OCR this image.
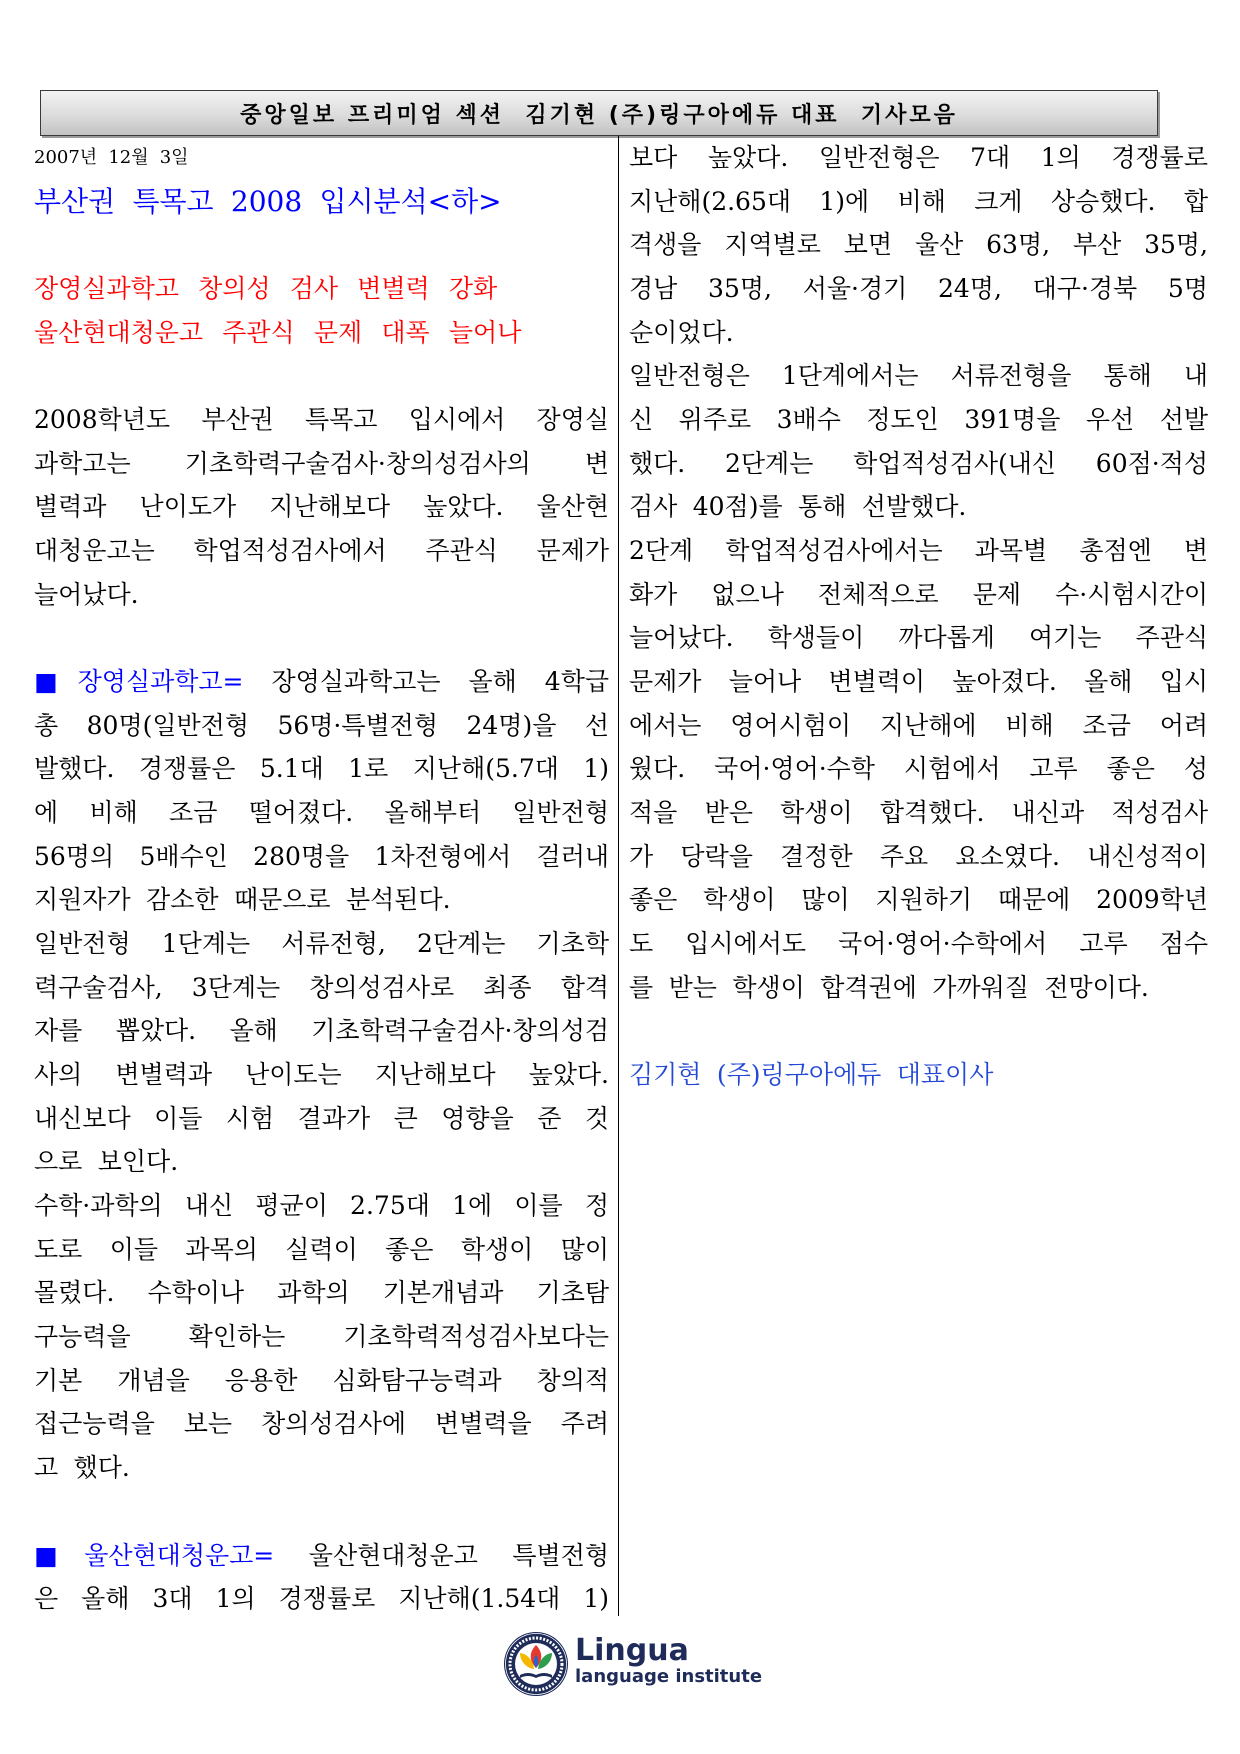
중앙일보 프리미엄 섹션  김기현 (주)링구아에듀 대표  기사모음
2007년 12월 3일
부산권 특목고 2008 입시분석<하>
장영실과학고 창의성 검사 변별력 강화
울산현대청운고 주관식 문제 대폭 늘어나
2008학년도 부산권 특목고 입시에서 장영실
과학고는 기초학력구술검사·창의성검사의 변
별력과 난이도가 지난해보다 높았다. 울산현
대청운고는 학업적성검사에서 주관식 문제가
늘어났다.
■장영실과학고= 장영실과학고는 올해 4학급
총 80명(일반전형 56명·특별전형 24명)을 선
발했다. 경쟁률은 5.1대 1로 지난해(5.7대 1)
에 비해 조금 떨어졌다. 올해부터 일반전형
56명의 5배수인 280명을 1차전형에서 걸러내
지원자가 감소한 때문으로 분석된다.
일반전형 1단계는 서류전형, 2단계는 기초학
력구술검사, 3단계는 창의성검사로 최종 합격
자를 뽑았다. 올해 기초학력구술검사·창의성검
사의 변별력과 난이도는 지난해보다 높았다.
내신보다 이들 시험 결과가 큰 영향을 준 것
으로 보인다.
수학·과학의 내신 평균이 2.75대 1에 이를 정
도로 이들 과목의 실력이 좋은 학생이 많이
몰렸다. 수학이나 과학의 기본개념과 기초탐
구능력을 확인하는 기초학력적성검사보다는
기본 개념을 응용한 심화탐구능력과 창의적
접근능력을 보는 창의성검사에 변별력을 주려
고 했다.
■울산현대청운고= 울산현대청운고 특별전형
은 올해 3대 1의 경쟁률로 지난해(1.54대 1)
보다 높았다. 일반전형은 7대 1의 경쟁률로
지난해(2.65대 1)에 비해 크게 상승했다. 합
격생을 지역별로 보면 울산 63명, 부산 35명,
경남 35명, 서울·경기 24명, 대구·경북 5명
순이었다.
일반전형은 1단계에서는 서류전형을 통해 내
신 위주로 3배수 정도인 391명을 우선 선발
했다. 2단계는 학업적성검사(내신 60점·적성
검사 40점)를 통해 선발했다.
2단계 학업적성검사에서는 과목별 총점엔 변
화가 없으나 전체적으로 문제 수·시험시간이
늘어났다. 학생들이 까다롭게 여기는 주관식
문제가 늘어나 변별력이 높아졌다. 올해 입시
에서는 영어시험이 지난해에 비해 조금 어려
웠다. 국어·영어·수학 시험에서 고루 좋은 성
적을 받은 학생이 합격했다. 내신과 적성검사
가 당락을 결정한 주요 요소였다. 내신성적이
좋은 학생이 많이 지원하기 때문에 2009학년
도 입시에서도 국어·영어·수학에서 고루 점수
를 받는 학생이 합격권에 가까워질 전망이다.
김기현 (주)링구아에듀 대표이사
Lingua
language institute
